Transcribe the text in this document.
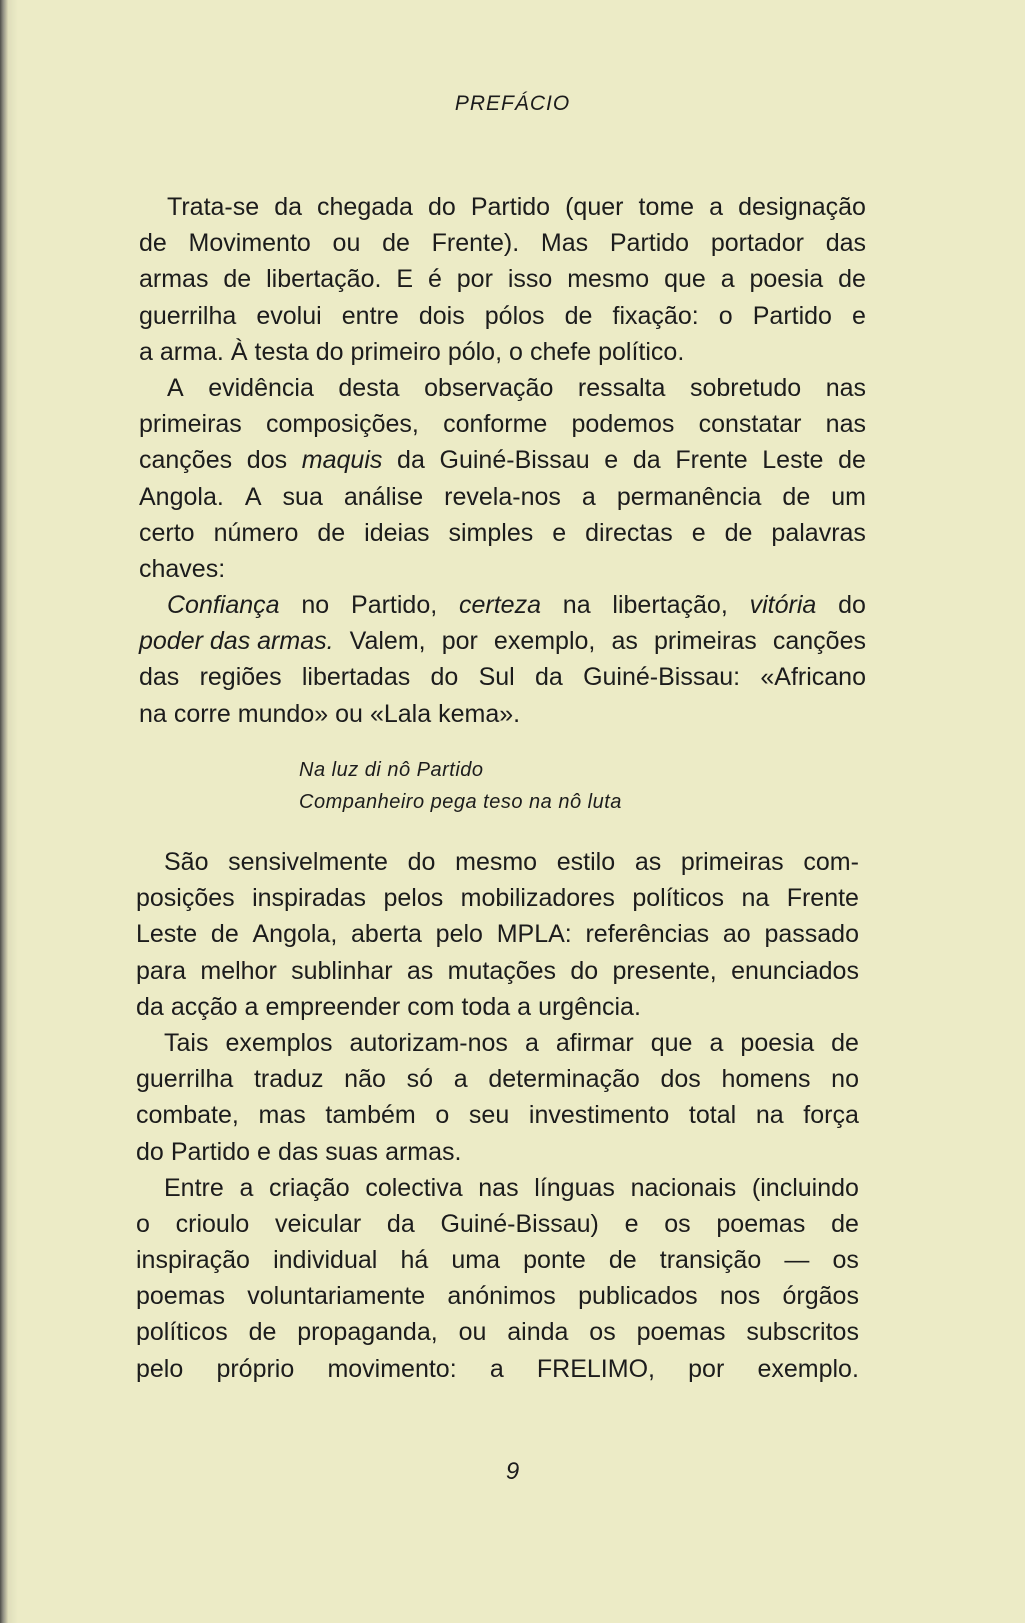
PREFÁCIO
Trata-se da chegada do Partido (quer tome a designação
de Movimento ou de Frente). Mas Partido portador das
armas de libertação. E é por isso mesmo que a poesia de
guerrilha evolui entre dois pólos de fixação: o Partido e
a arma. À testa do primeiro pólo, o chefe político.
A evidência desta observação ressalta sobretudo nas
primeiras composições, conforme podemos constatar nas
canções dos maquis da Guiné-Bissau e da Frente Leste de
Angola. A sua análise revela-nos a permanência de um
certo número de ideias simples e directas e de palavras
chaves:
Confiança no Partido, certeza na libertação, vitória do
poder das armas. Valem, por exemplo, as primeiras canções
das regiões libertadas do Sul da Guiné-Bissau: «Africano
na corre mundo» ou «Lala kema».
Na luz di nô Partido
Companheiro pega teso na nô luta
São sensivelmente do mesmo estilo as primeiras com-
posições inspiradas pelos mobilizadores políticos na Frente
Leste de Angola, aberta pelo MPLA: referências ao passado
para melhor sublinhar as mutações do presente, enunciados
da acção a empreender com toda a urgência.
Tais exemplos autorizam-nos a afirmar que a poesia de
guerrilha traduz não só a determinação dos homens no
combate, mas também o seu investimento total na força
do Partido e das suas armas.
Entre a criação colectiva nas línguas nacionais (incluindo
o crioulo veicular da Guiné-Bissau) e os poemas de
inspiração individual há uma ponte de transição — os
poemas voluntariamente anónimos publicados nos órgãos
políticos de propaganda, ou ainda os poemas subscritos
pelo próprio movimento: a FRELIMO, por exemplo.
9
